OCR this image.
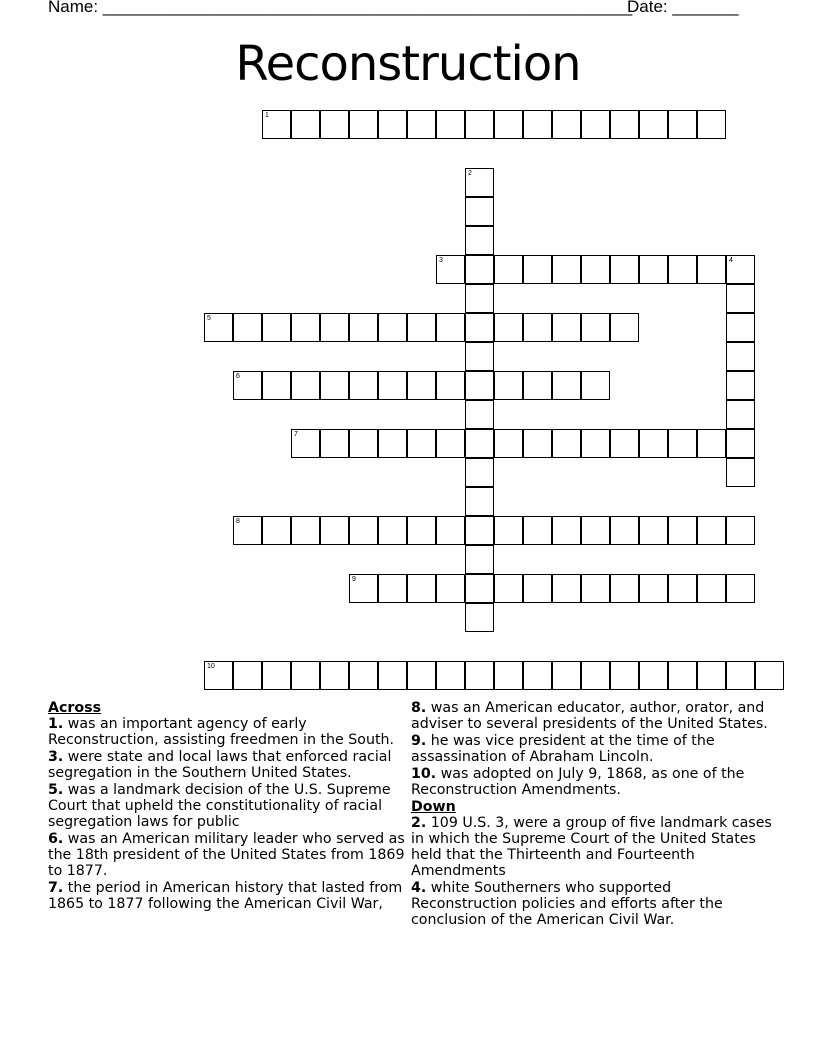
Name: ________________________________________________________
Date: _______
Reconstruction
1
2
3	4
5
6
7
8
9
10
Across
1. was an important agency of early Reconstruction, assisting freedmen in the South.
3. were state and local laws that enforced racial segregation in the Southern United States.
5. was a landmark decision of the U.S. Supreme Court that upheld the constitutionality of racial segregation laws for public
6. was an American military leader who served as the 18th president of the United States from 1869 to 1877.
7. the period in American history that lasted from 1865 to 1877 following the American Civil War,
8. was an American educator, author, orator, and adviser to several presidents of the United States.
9. he was vice president at the time of the assassination of Abraham Lincoln.
10. was adopted on July 9, 1868, as one of the Reconstruction Amendments.
Down
2. 109 U.S. 3, were a group of five landmark cases in which the Supreme Court of the United States held that the Thirteenth and Fourteenth Amendments
4. white Southerners who supported Reconstruction policies and efforts after the conclusion of the American Civil War.
